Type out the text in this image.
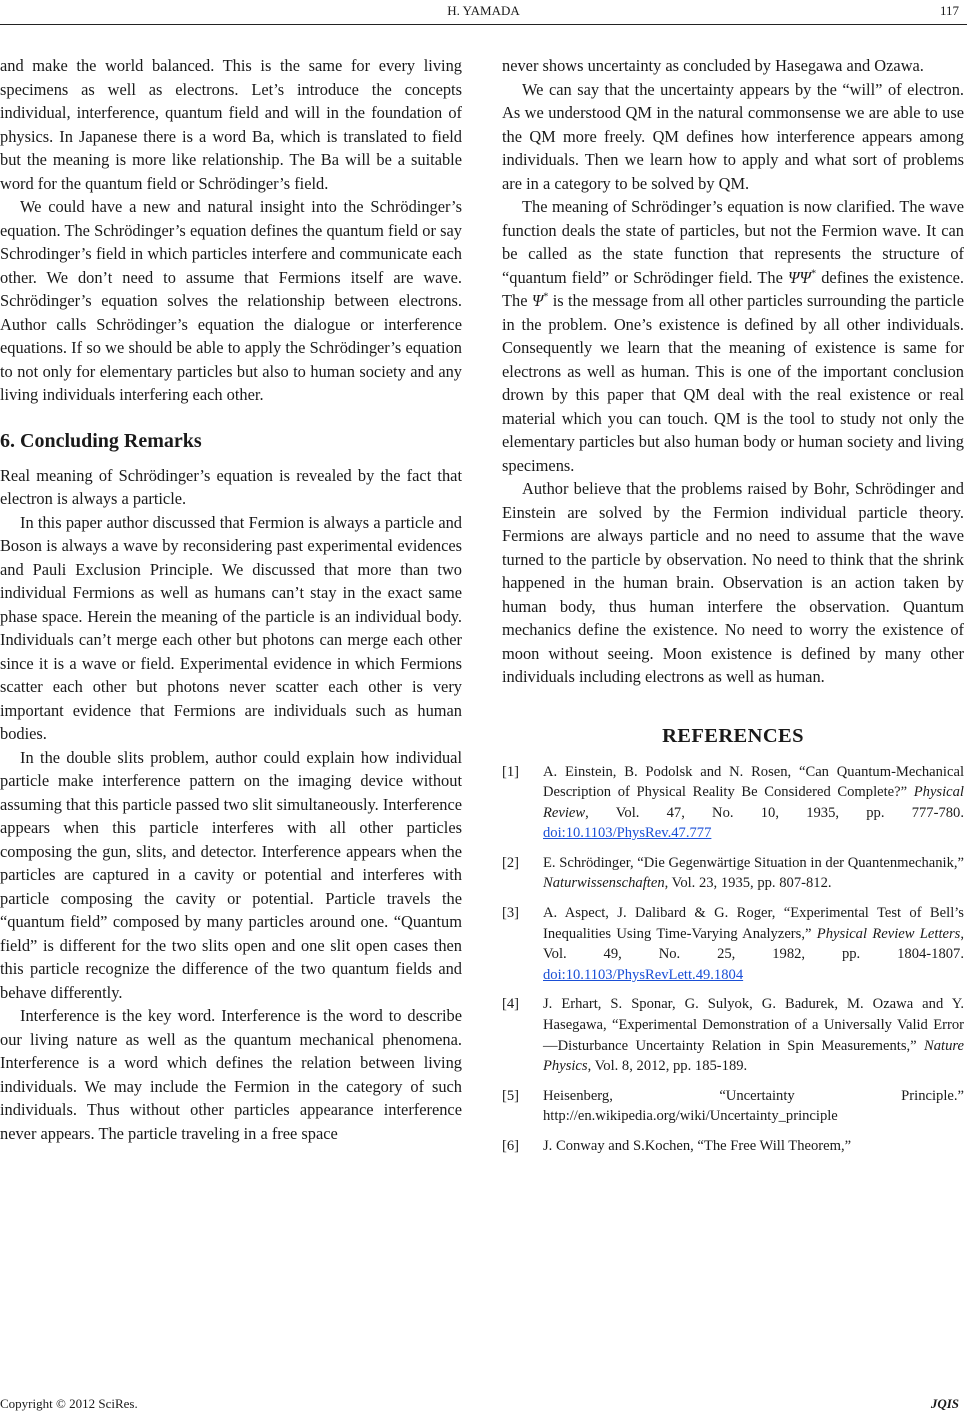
H. YAMADA	117

and make the world balanced. This is the same for every living specimens as well as electrons. Let’s introduce the concepts individual, interference, quantum field and will in the foundation of physics. In Japanese there is a word Ba, which is translated to field but the meaning is more like relationship. The Ba will be a suitable word for the quantum field or Schrödinger’s field.

We could have a new and natural insight into the Schrödinger’s equation. The Schrödinger’s equation defines the quantum field or say Schrodinger’s field in which particles interfere and communicate each other. We don’t need to assume that Fermions itself are wave. Schrödinger’s equation solves the relationship between electrons. Author calls Schrödinger’s equation the dialogue or interference equations. If so we should be able to apply the Schrödinger’s equation to not only for elementary particles but also to human society and any living individuals interfering each other.

6. Concluding Remarks

Real meaning of Schrödinger’s equation is revealed by the fact that electron is always a particle.

In this paper author discussed that Fermion is always a particle and Boson is always a wave by reconsidering past experimental evidences and Pauli Exclusion Principle. We discussed that more than two individual Fermions as well as humans can’t stay in the exact same phase space. Herein the meaning of the particle is an individual body. Individuals can’t merge each other but photons can merge each other since it is a wave or field. Experimental evidence in which Fermions scatter each other but photons never scatter each other is very important evidence that Fermions are individuals such as human bodies.

In the double slits problem, author could explain how individual particle make interference pattern on the imaging device without assuming that this particle passed two slit simultaneously. Interference appears when this particle interferes with all other particles composing the gun, slits, and detector. Interference appears when the particles are captured in a cavity or potential and interferes with particle composing the cavity or potential. Particle travels the “quantum field” composed by many particles around one. “Quantum field” is different for the two slits open and one slit open cases then this particle recognize the difference of the two quantum fields and behave differently.

Interference is the key word. Interference is the word to describe our living nature as well as the quantum mechanical phenomena. Interference is a word which defines the relation between living individuals. We may include the Fermion in the category of such individuals. Thus without other particles appearance interference never appears. The particle traveling in a free space

never shows uncertainty as concluded by Hasegawa and Ozawa.

We can say that the uncertainty appears by the “will” of electron. As we understood QM in the natural commonsense we are able to use the QM more freely. QM defines how interference appears among individuals. Then we learn how to apply and what sort of problems are in a category to be solved by QM.

The meaning of Schrödinger’s equation is now clarified. The wave function deals the state of particles, but not the Fermion wave. It can be called as the state function that represents the structure of “quantum field” or Schrödinger field. The ΨΨ* defines the existence. The Ψ* is the message from all other particles surrounding the particle in the problem. One’s existence is defined by all other individuals. Consequently we learn that the meaning of existence is same for electrons as well as human. This is one of the important conclusion drown by this paper that QM deal with the real existence or real material which you can touch. QM is the tool to study not only the elementary particles but also human body or human society and living specimens.

Author believe that the problems raised by Bohr, Schrödinger and Einstein are solved by the Fermion individual particle theory. Fermions are always particle and no need to assume that the wave turned to the particle by observation. No need to think that the shrink happened in the human brain. Observation is an action taken by human body, thus human interfere the observation. Quantum mechanics define the existence. No need to worry the existence of moon without seeing. Moon existence is defined by many other individuals including electrons as well as human.

REFERENCES
[1] A. Einstein, B. Podolsk and N. Rosen, “Can Quantum-Mechanical Description of Physical Reality Be Considered Complete?” Physical Review, Vol. 47, No. 10, 1935, pp. 777-780. doi:10.1103/PhysRev.47.777
[2] E. Schrödinger, “Die Gegenwärtige Situation in der Quantenmechanik,” Naturwissenschaften, Vol. 23, 1935, pp. 807-812.
[3] A. Aspect, J. Dalibard & G. Roger, “Experimental Test of Bell’s Inequalities Using Time-Varying Analyzers,” Physical Review Letters, Vol. 49, No. 25, 1982, pp. 1804-1807. doi:10.1103/PhysRevLett.49.1804
[4] J. Erhart, S. Sponar, G. Sulyok, G. Badurek, M. Ozawa and Y. Hasegawa, “Experimental Demonstration of a Universally Valid Error—Disturbance Uncertainty Relation in Spin Measurements,” Nature Physics, Vol. 8, 2012, pp. 185-189.
[5] Heisenberg, “Uncertainty Principle.” http://en.wikipedia.org/wiki/Uncertainty_principle
[6] J. Conway and S.Kochen, “The Free Will Theorem,”
Copyright © 2012 SciRes.	JQIS
